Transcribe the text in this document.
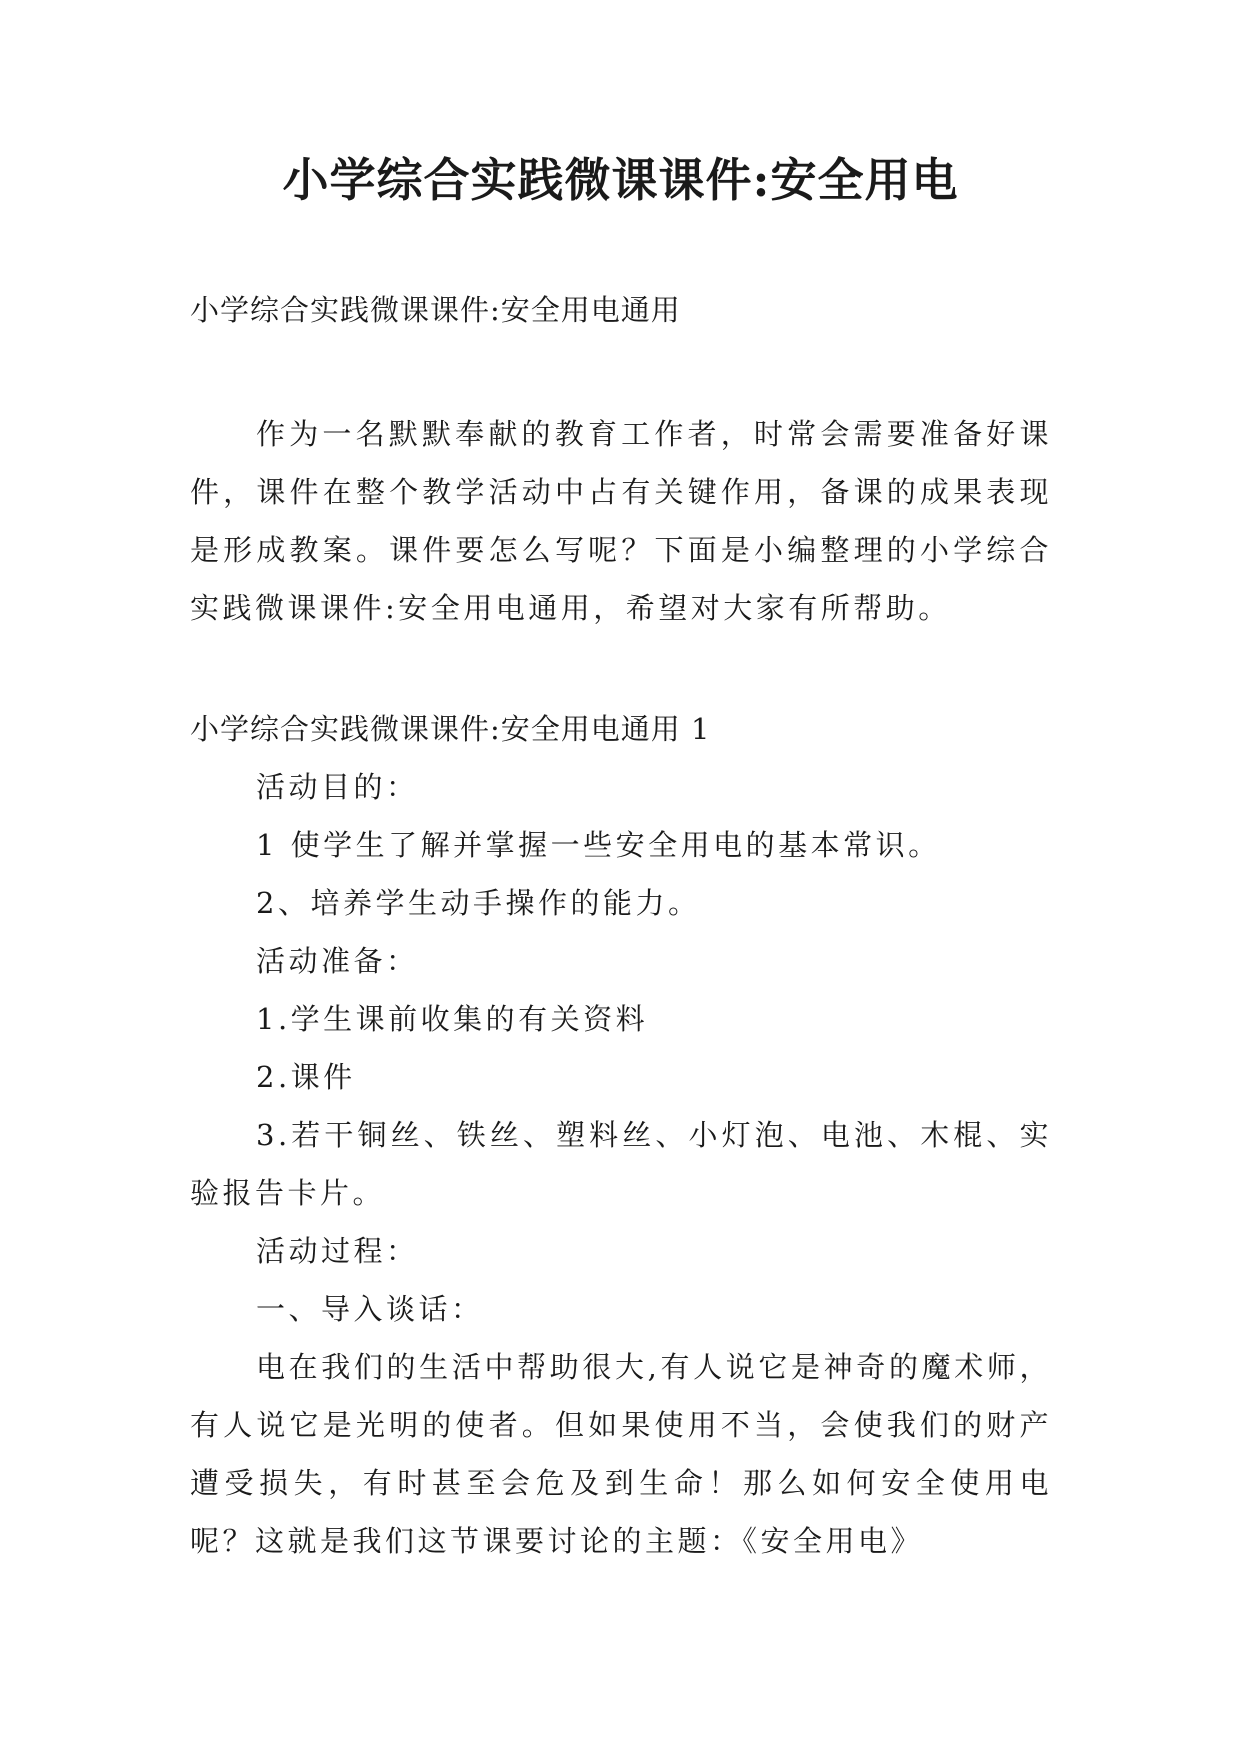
小学综合实践微课课件:安全用电
小学综合实践微课课件:安全用电通用

作为一名默默奉献的教育工作者，时常会需要准备好课件，课件在整个教学活动中占有关键作用，备课的成果表现是形成教案。课件要怎么写呢？下面是小编整理的小学综合实践微课课件:安全用电通用，希望对大家有所帮助。

小学综合实践微课课件:安全用电通用 1

活动目的：

1 使学生了解并掌握一些安全用电的基本常识。

2、培养学生动手操作的能力。

活动准备：

1.学生课前收集的有关资料

2.课件

3.若干铜丝、铁丝、塑料丝、小灯泡、电池、木棍、实验报告卡片。

活动过程：

一、导入谈话：

电在我们的生活中帮助很大,有人说它是神奇的魔术师，有人说它是光明的使者。但如果使用不当，会使我们的财产遭受损失，有时甚至会危及到生命！那么如何安全使用电呢？这就是我们这节课要讨论的主题：《安全用电》
